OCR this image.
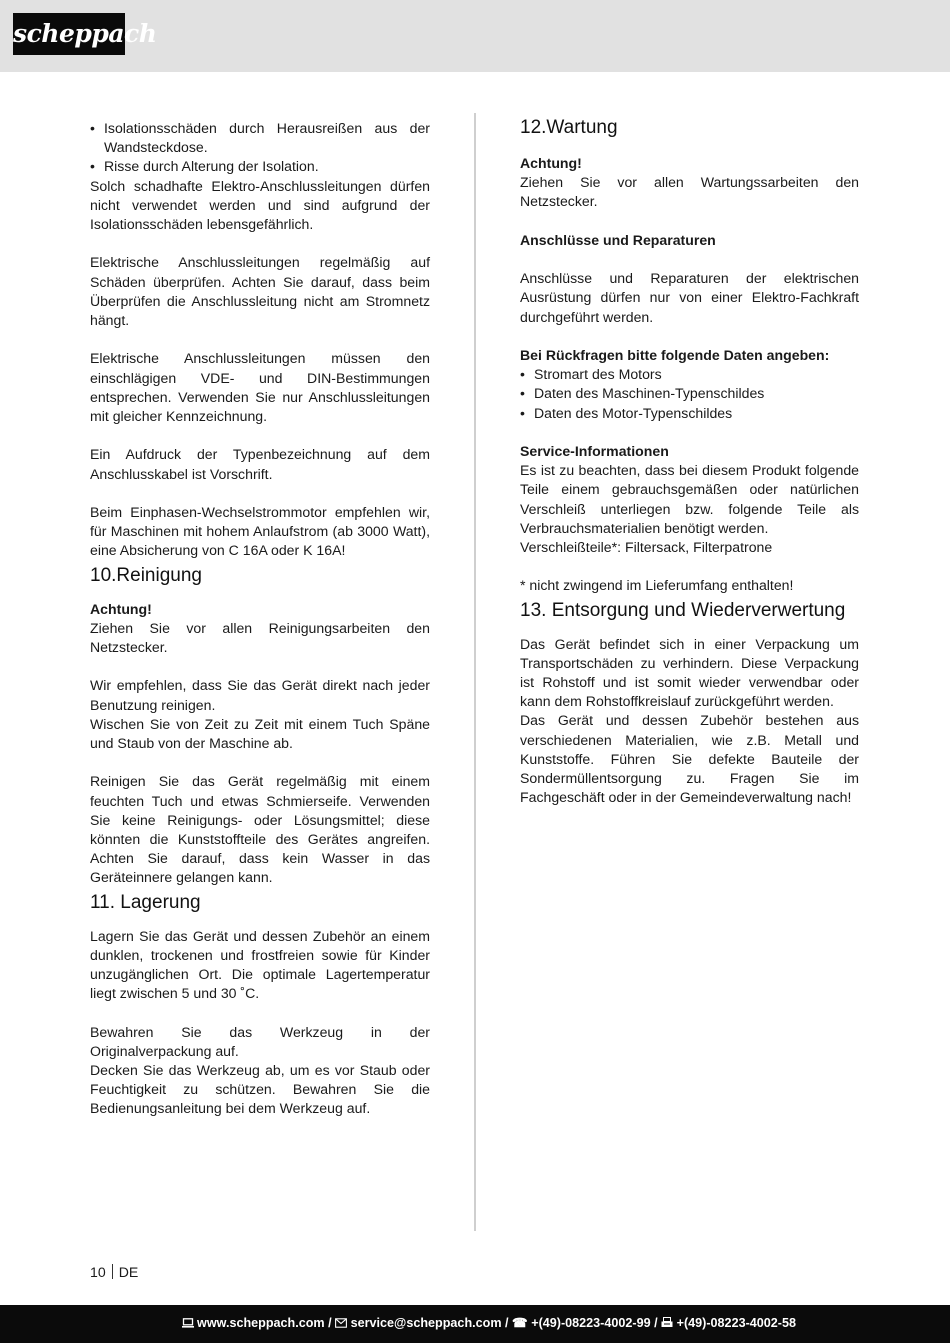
scheppach
• Isolationsschäden durch Herausreißen aus der Wandsteckdose.
• Risse durch Alterung der Isolation.

Solch schadhafte Elektro-Anschlussleitungen dürfen nicht verwendet werden und sind aufgrund der Isolationsschäden lebensgefährlich.

Elektrische Anschlussleitungen regelmäßig auf Schäden überprüfen. Achten Sie darauf, dass beim Überprüfen die Anschlussleitung nicht am Stromnetz hängt.

Elektrische Anschlussleitungen müssen den einschlägigen VDE- und DIN-Bestimmungen entsprechen. Verwenden Sie nur Anschlussleitungen mit gleicher Kennzeichnung.

Ein Aufdruck der Typenbezeichnung auf dem Anschlusskabel ist Vorschrift.

Beim Einphasen-Wechselstrommotor empfehlen wir, für Maschinen mit hohem Anlaufstrom (ab 3000 Watt), eine Absicherung von C 16A oder K 16A!

10.Reinigung

Achtung!

Ziehen Sie vor allen Reinigungsarbeiten den Netzstecker.

Wir empfehlen, dass Sie das Gerät direkt nach jeder Benutzung reinigen.

Wischen Sie von Zeit zu Zeit mit einem Tuch Späne und Staub von der Maschine ab.

Reinigen Sie das Gerät regelmäßig mit einem feuchten Tuch und etwas Schmierseife. Verwenden Sie keine Reinigungs- oder Lösungsmittel; diese könnten die Kunststoffteile des Gerätes angreifen. Achten Sie darauf, dass kein Wasser in das Geräteinnere gelangen kann.

11. Lagerung

Lagern Sie das Gerät und dessen Zubehör an einem dunklen, trockenen und frostfreien sowie für Kinder unzugänglichen Ort. Die optimale Lagertemperatur liegt zwischen 5 und 30 ˚C.

Bewahren Sie das Werkzeug in der Originalverpackung auf.

Decken Sie das Werkzeug ab, um es vor Staub oder Feuchtigkeit zu schützen. Bewahren Sie die Bedienungsanleitung bei dem Werkzeug auf.

12.Wartung

Achtung!

Ziehen Sie vor allen Wartungssarbeiten den Netzstecker.

Anschlüsse und Reparaturen

Anschlüsse und Reparaturen der elektrischen Ausrüstung dürfen nur von einer Elektro-Fachkraft durchgeführt werden.

Bei Rückfragen bitte folgende Daten angeben:

• Stromart des Motors
• Daten des Maschinen-Typenschildes
• Daten des Motor-Typenschildes

Service-Informationen

Es ist zu beachten, dass bei diesem Produkt folgende Teile einem gebrauchsgemäßen oder natürlichen Verschleiß unterliegen bzw. folgende Teile als Verbrauchsmaterialien benötigt werden.

Verschleißteile*: Filtersack, Filterpatrone

* nicht zwingend im Lieferumfang enthalten!

13. Entsorgung und Wiederverwertung

Das Gerät befindet sich in einer Verpackung um Transportschäden zu verhindern. Diese Verpackung ist Rohstoff und ist somit wieder verwendbar oder kann dem Rohstoffkreislauf zurückgeführt werden.

Das Gerät und dessen Zubehör bestehen aus verschiedenen Materialien, wie z.B. Metall und Kunststoffe. Führen Sie defekte Bauteile der Sondermüllentsorgung zu. Fragen Sie im Fachgeschäft oder in der Gemeindeverwaltung nach!

10 DE
www.scheppach.com / service@scheppach.com / ☎ +(49)-08223-4002-99 / +(49)-08223-4002-58
